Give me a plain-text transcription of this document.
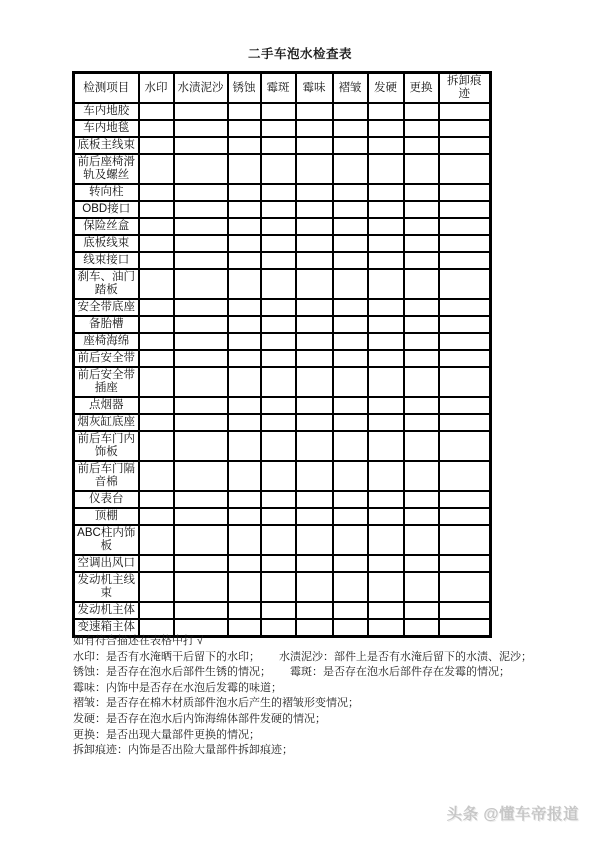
二手车泡水检查表
检测项目	水印	水渍泥沙	锈蚀	霉斑	霉味	褶皱	发硬	更换	拆卸痕迹
车内地胶									
车内地毯									
底板主线束									
前后座椅滑轨及螺丝									
转向柱									
OBD接口									
保险丝盒									
底板线束									
线束接口									
刹车、油门踏板									
安全带底座									
备胎槽									
座椅海绵									
前后安全带									
前后安全带插座									
点烟器									
烟灰缸底座									
前后车门内饰板									
前后车门隔音棉									
仪表台									
顶棚									
ABC柱内饰板									
空调出风口									
发动机主线束									
发动机主体									
变速箱主体									
如有符合描述在表格中打 √
水印：是否有水淹晒干后留下的水印； 水渍泥沙：部件上是否有水淹后留下的水渍、泥沙；
锈蚀：是否存在泡水后部件生锈的情况； 霉斑：是否存在泡水后部件存在发霉的情况；
霉味：内饰中是否存在水泡后发霉的味道；
褶皱：是否存在棉木材质部件泡水后产生的褶皱形变情况；
发硬：是否存在泡水后内饰海绵体部件发硬的情况；
更换：是否出现大量部件更换的情况；
拆卸痕迹：内饰是否出险大量部件拆卸痕迹；
头条 @懂车帝报道
